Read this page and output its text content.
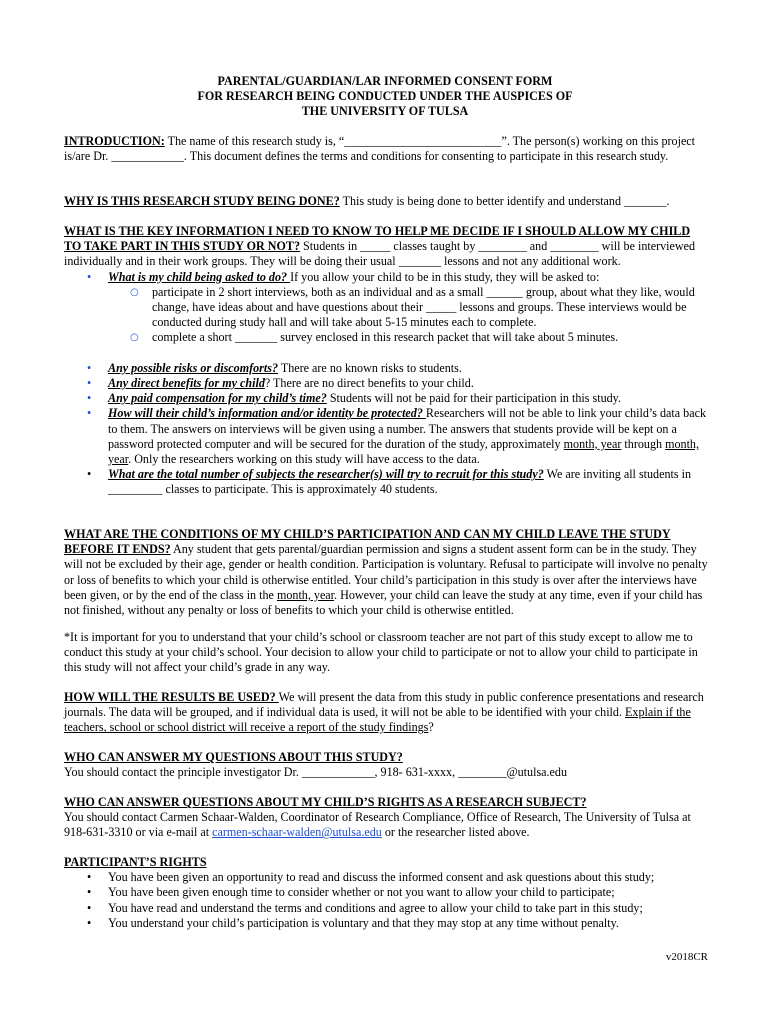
PARENTAL/GUARDIAN/LAR INFORMED CONSENT FORM
FOR RESEARCH BEING CONDUCTED UNDER THE AUSPICES OF
THE UNIVERSITY OF TULSA

INTRODUCTION: The name of this research study is, “__________________________”. The person(s) working on this project is/are Dr. ____________. This document defines the terms and conditions for consenting to participate in this research study.

WHY IS THIS RESEARCH STUDY BEING DONE? This study is being done to better identify and understand _______.

WHAT IS THE KEY INFORMATION I NEED TO KNOW TO HELP ME DECIDE IF I SHOULD ALLOW MY CHILD TO TAKE PART IN THIS STUDY OR NOT? Students in _____ classes taught by ________ and ________ will be interviewed individually and in their work groups. They will be doing their usual _______ lessons and not any additional work.

• What is my child being asked to do? If you allow your child to be in this study, they will be asked to:
○ participate in 2 short interviews, both as an individual and as a small ______ group, about what they like, would change, have ideas about and have questions about their _____ lessons and groups. These interviews would be conducted during study hall and will take about 5-15 minutes each to complete.
○ complete a short _______ survey enclosed in this research packet that will take about 5 minutes.
• Any possible risks or discomforts? There are no known risks to students.
• Any direct benefits for my child? There are no direct benefits to your child.
• Any paid compensation for my child’s time? Students will not be paid for their participation in this study.
• How will their child’s information and/or identity be protected? Researchers will not be able to link your child’s data back to them. The answers on interviews will be given using a number. The answers that students provide will be kept on a password protected computer and will be secured for the duration of the study, approximately month, year through month, year. Only the researchers working on this study will have access to the data.
• What are the total number of subjects the researcher(s) will try to recruit for this study? We are inviting all students in _________ classes to participate. This is approximately 40 students.

WHAT ARE THE CONDITIONS OF MY CHILD’S PARTICIPATION AND CAN MY CHILD LEAVE THE STUDY BEFORE IT ENDS? Any student that gets parental/guardian permission and signs a student assent form can be in the study. They will not be excluded by their age, gender or health condition. Participation is voluntary. Refusal to participate will involve no penalty or loss of benefits to which your child is otherwise entitled. Your child’s participation in this study is over after the interviews have been given, or by the end of the class in the month, year. However, your child can leave the study at any time, even if your child has not finished, without any penalty or loss of benefits to which your child is otherwise entitled.

*It is important for you to understand that your child’s school or classroom teacher are not part of this study except to allow me to conduct this study at your child’s school. Your decision to allow your child to participate or not to allow your child to participate in this study will not affect your child’s grade in any way.

HOW WILL THE RESULTS BE USED? We will present the data from this study in public conference presentations and research journals. The data will be grouped, and if individual data is used, it will not be able to be identified with your child. Explain if the teachers, school or school district will receive a report of the study findings?

WHO CAN ANSWER MY QUESTIONS ABOUT THIS STUDY?

You should contact the principle investigator Dr. ____________, 918- 631-xxxx, ________@utulsa.edu

WHO CAN ANSWER QUESTIONS ABOUT MY CHILD’S RIGHTS AS A RESEARCH SUBJECT?

You should contact Carmen Schaar-Walden, Coordinator of Research Compliance, Office of Research, The University of Tulsa at 918-631-3310 or via e-mail at carmen-schaar-walden@utulsa.edu or the researcher listed above.

PARTICIPANT’S RIGHTS

• You have been given an opportunity to read and discuss the informed consent and ask questions about this study;
• You have been given enough time to consider whether or not you want to allow your child to participate;
• You have read and understand the terms and conditions and agree to allow your child to take part in this study;
• You understand your child’s participation is voluntary and that they may stop at any time without penalty.
v2018CR
